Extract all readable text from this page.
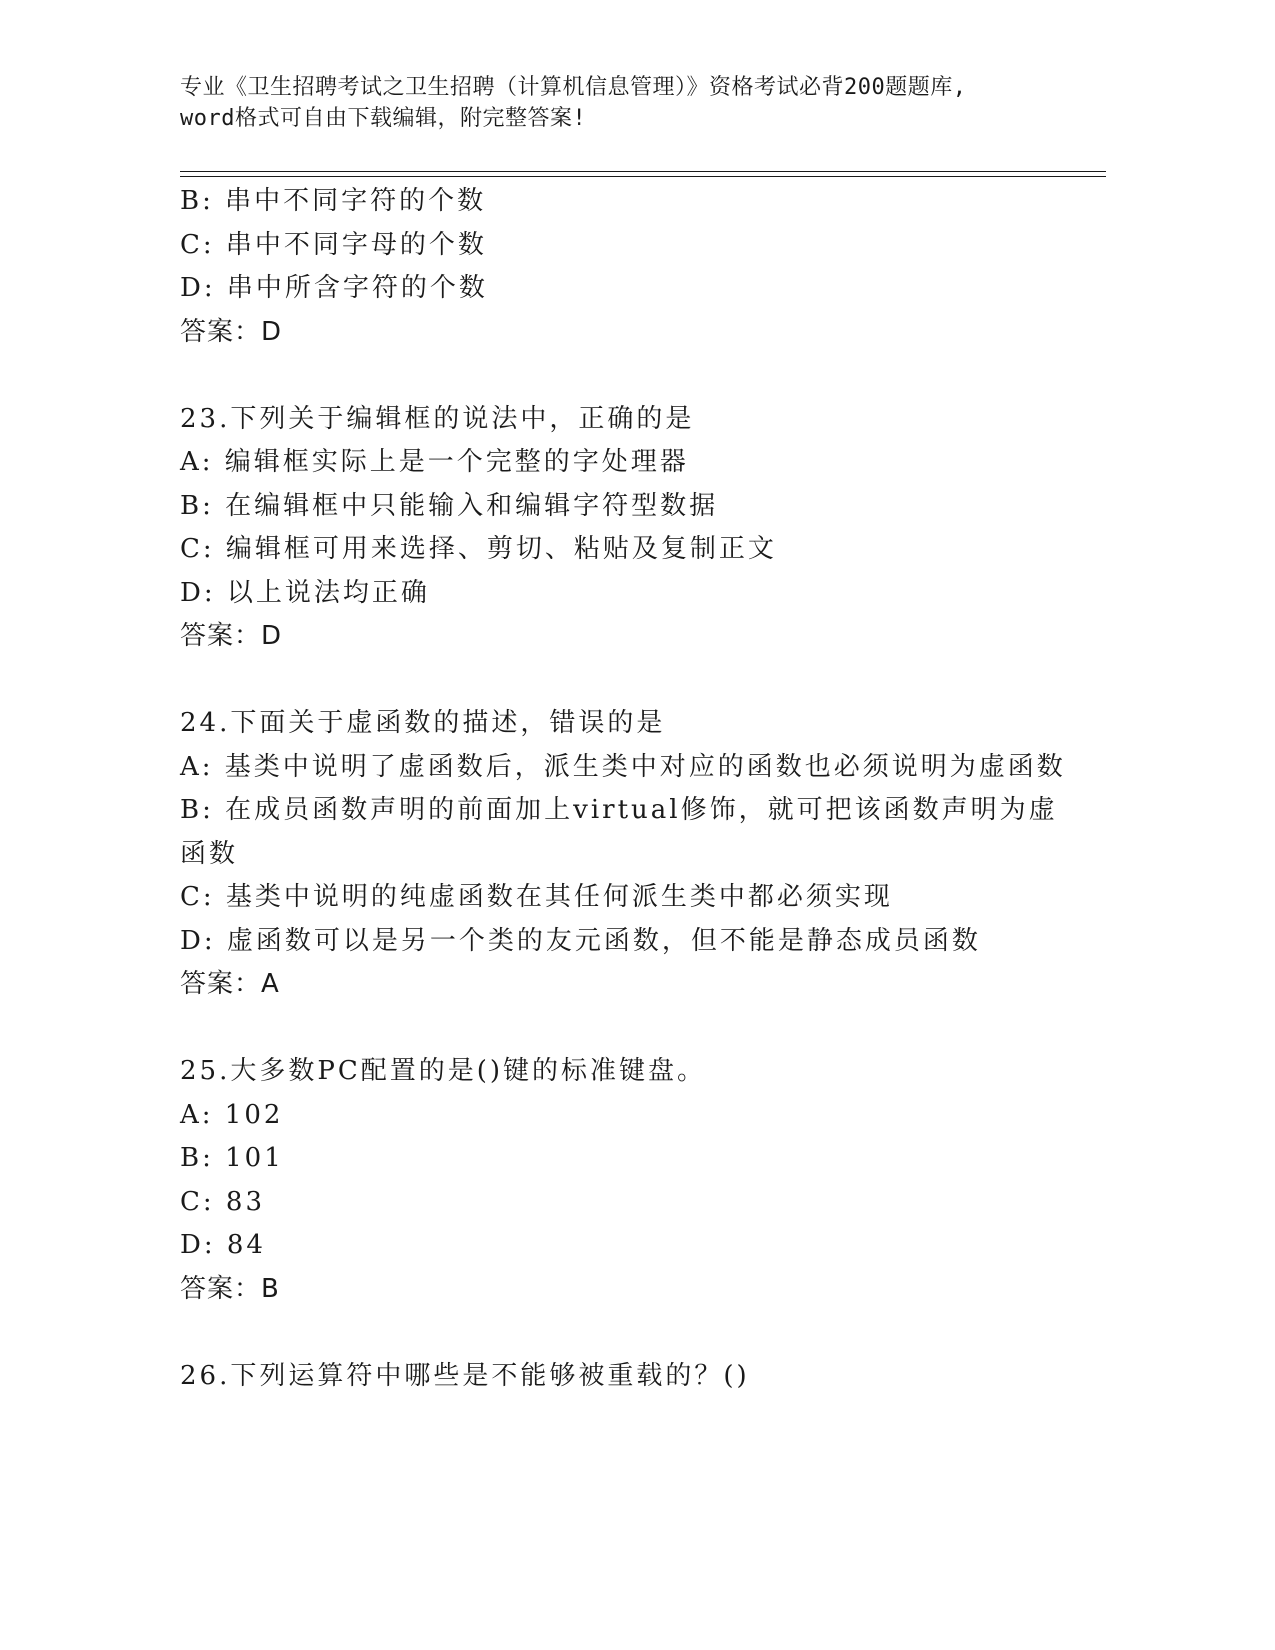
专业《卫生招聘考试之卫生招聘（计算机信息管理）》资格考试必背200题题库,
word格式可自由下载编辑，附完整答案!
B: 串中不同字符的个数
C: 串中不同字母的个数
D: 串中所含字符的个数
答案：D
23.下列关于编辑框的说法中，正确的是
A: 编辑框实际上是一个完整的字处理器
B: 在编辑框中只能输入和编辑字符型数据
C: 编辑框可用来选择、剪切、粘贴及复制正文
D: 以上说法均正确
答案：D
24.下面关于虚函数的描述，错误的是
A: 基类中说明了虚函数后，派生类中对应的函数也必须说明为虚函数
B: 在成员函数声明的前面加上virtual修饰，就可把该函数声明为虚
函数
C: 基类中说明的纯虚函数在其任何派生类中都必须实现
D: 虚函数可以是另一个类的友元函数，但不能是静态成员函数
答案：A
25.大多数PC配置的是()键的标准键盘。
A: 102
B: 101
C: 83
D: 84
答案：B
26.下列运算符中哪些是不能够被重载的？()
